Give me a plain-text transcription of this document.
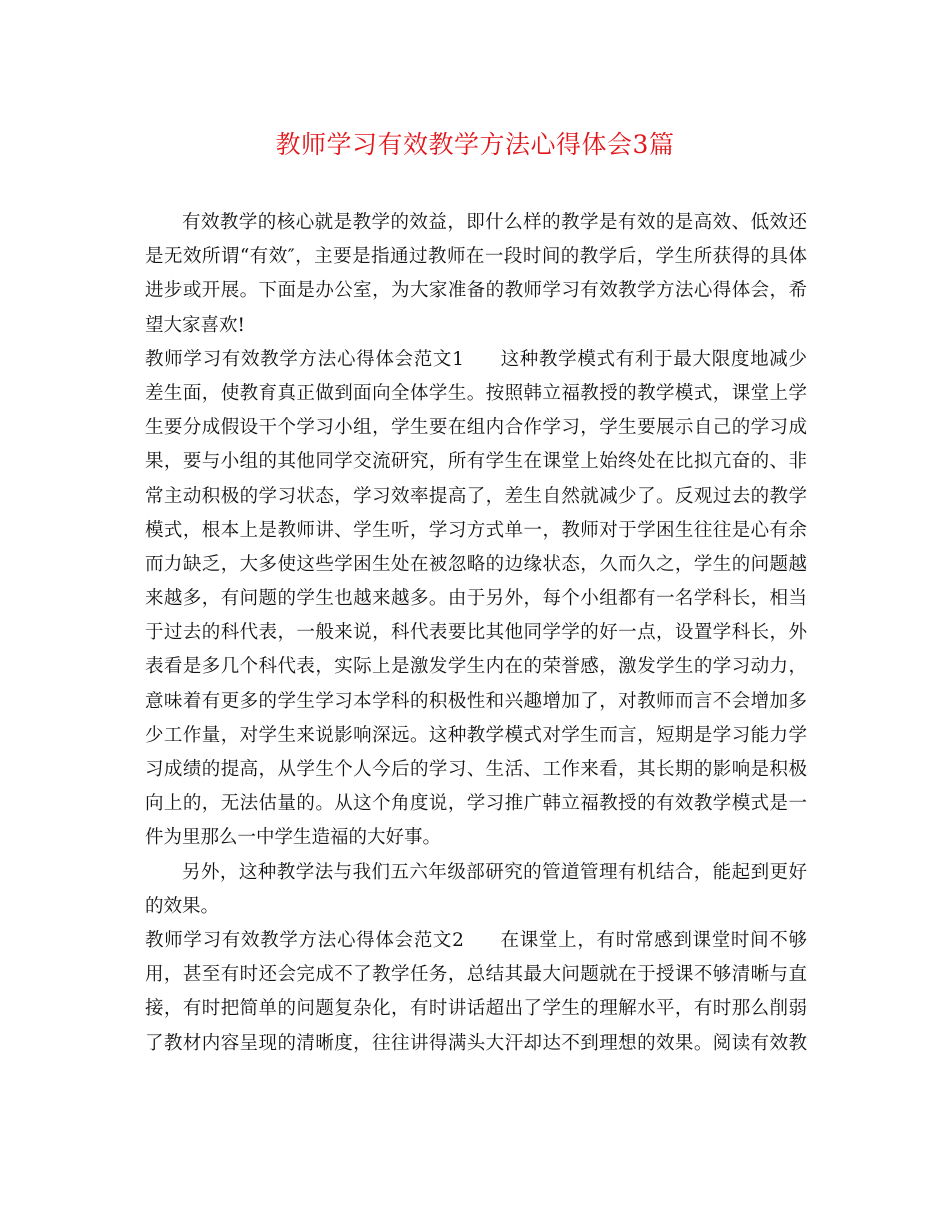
教师学习有效教学方法心得体会3篇
有效教学的核心就是教学的效益，即什么样的教学是有效的是高效、低效还
是无效所谓“有效″，主要是指通过教师在一段时间的教学后，学生所获得的具体
进步或开展。下面是办公室，为大家准备的教师学习有效教学方法心得体会，希
望大家喜欢!
教师学习有效教学方法心得体会范文1 这种教学模式有利于最大限度地减少
差生面，使教育真正做到面向全体学生。按照韩立福教授的教学模式，课堂上学
生要分成假设干个学习小组，学生要在组内合作学习，学生要展示自己的学习成
果，要与小组的其他同学交流研究，所有学生在课堂上始终处在比拟亢奋的、非
常主动积极的学习状态，学习效率提高了，差生自然就减少了。反观过去的教学
模式，根本上是教师讲、学生听，学习方式单一，教师对于学困生往往是心有余
而力缺乏，大多使这些学困生处在被忽略的边缘状态，久而久之，学生的问题越
来越多，有问题的学生也越来越多。由于另外，每个小组都有一名学科长，相当
于过去的科代表，一般来说，科代表要比其他同学学的好一点，设置学科长，外
表看是多几个科代表，实际上是激发学生内在的荣誉感，激发学生的学习动力，
意味着有更多的学生学习本学科的积极性和兴趣增加了，对教师而言不会增加多
少工作量，对学生来说影响深远。这种教学模式对学生而言，短期是学习能力学
习成绩的提高，从学生个人今后的学习、生活、工作来看，其长期的影响是积极
向上的，无法估量的。从这个角度说，学习推广韩立福教授的有效教学模式是一
件为里那么一中学生造福的大好事。
另外，这种教学法与我们五六年级部研究的管道管理有机结合，能起到更好
的效果。
教师学习有效教学方法心得体会范文2 在课堂上，有时常感到课堂时间不够
用，甚至有时还会完成不了教学任务，总结其最大问题就在于授课不够清晰与直
接，有时把简单的问题复杂化，有时讲话超出了学生的理解水平，有时那么削弱
了教材内容呈现的清晰度，往往讲得满头大汗却达不到理想的效果。阅读有效教
